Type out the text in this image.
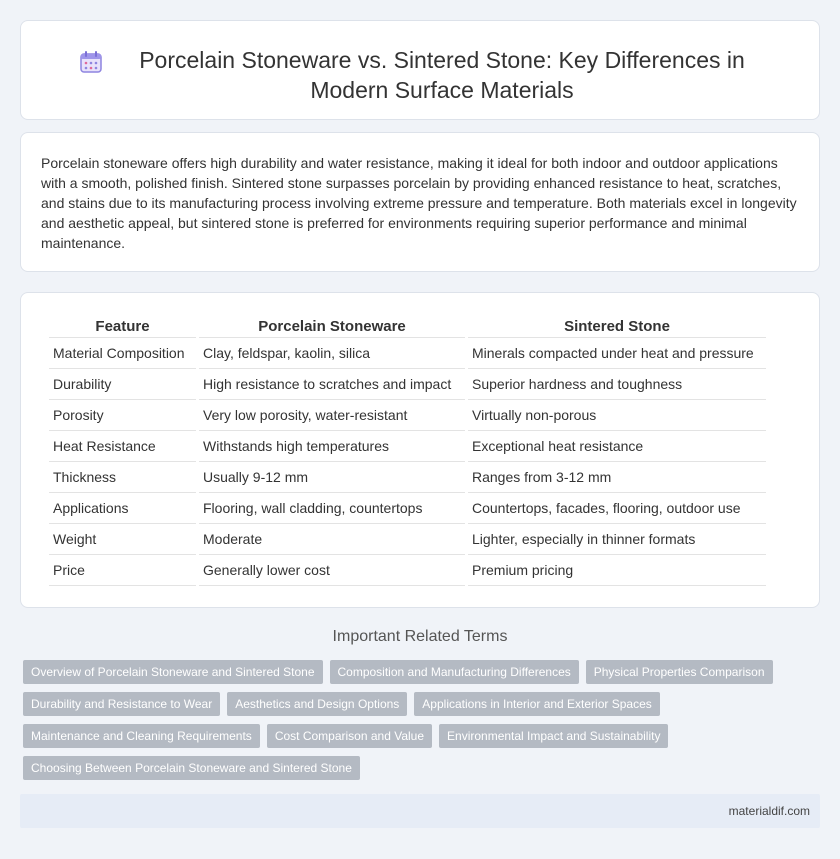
Porcelain Stoneware vs. Sintered Stone: Key Differences in Modern Surface Materials

Porcelain stoneware offers high durability and water resistance, making it ideal for both indoor and outdoor applications with a smooth, polished finish. Sintered stone surpasses porcelain by providing enhanced resistance to heat, scratches, and stains due to its manufacturing process involving extreme pressure and temperature. Both materials excel in longevity and aesthetic appeal, but sintered stone is preferred for environments requiring superior performance and minimal maintenance.

Feature	Porcelain Stoneware	Sintered Stone
Material Composition	Clay, feldspar, kaolin, silica	Minerals compacted under heat and pressure
Durability	High resistance to scratches and impact	Superior hardness and toughness
Porosity	Very low porosity, water-resistant	Virtually non-porous
Heat Resistance	Withstands high temperatures	Exceptional heat resistance
Thickness	Usually 9-12 mm	Ranges from 3-12 mm
Applications	Flooring, wall cladding, countertops	Countertops, facades, flooring, outdoor use
Weight	Moderate	Lighter, especially in thinner formats
Price	Generally lower cost	Premium pricing
Important Related Terms
Overview of Porcelain Stoneware and Sintered Stone	Composition and Manufacturing Differences	Physical Properties Comparison
Durability and Resistance to Wear	Aesthetics and Design Options	Applications in Interior and Exterior Spaces
Maintenance and Cleaning Requirements	Cost Comparison and Value	Environmental Impact and Sustainability
Choosing Between Porcelain Stoneware and Sintered Stone
materialdif.com
